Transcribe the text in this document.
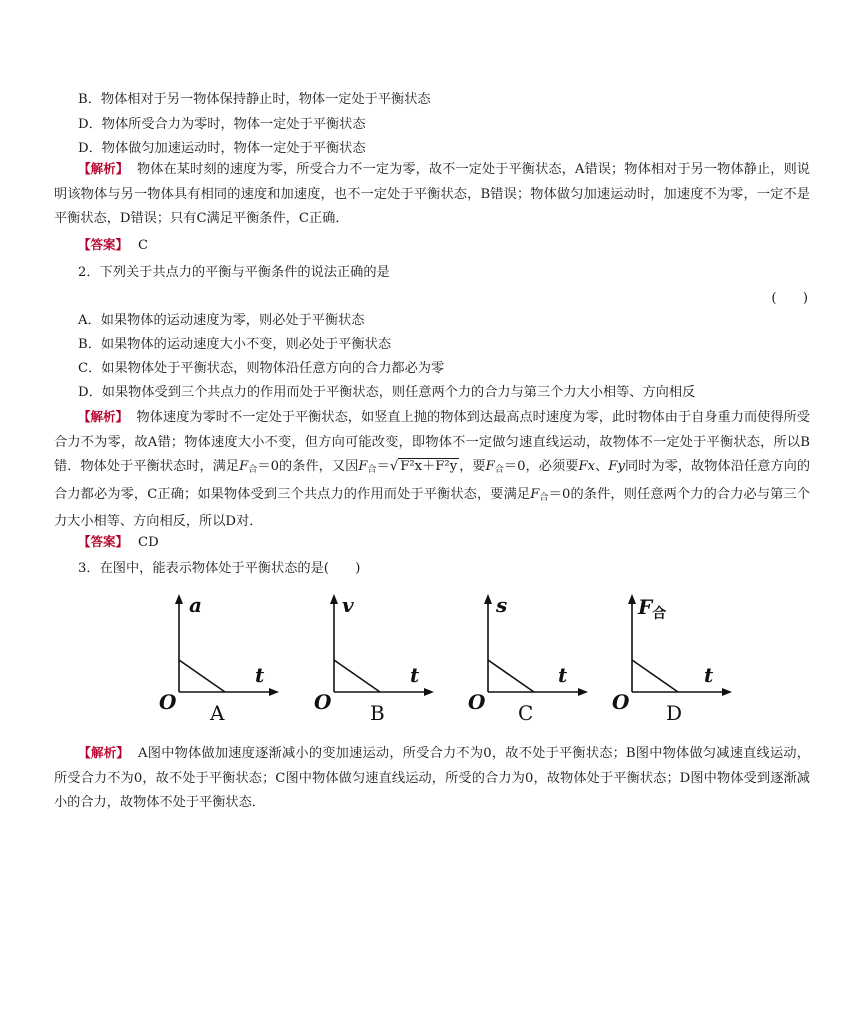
B．物体相对于另一物体保持静止时，物体一定处于平衡状态
D．物体所受合力为零时，物体一定处于平衡状态
D．物体做匀加速运动时，物体一定处于平衡状态
【解析】 物体在某时刻的速度为零，所受合力不一定为零，故不一定处于平衡状态，A错误；物体相对于另一物体静止，则说明该物体与另一物体具有相同的速度和加速度，也不一定处于平衡状态，B错误；物体做匀加速运动时，加速度不为零，一定不是平衡状态，D错误；只有C满足平衡条件，C正确．
【答案】 C
2．下列关于共点力的平衡与平衡条件的说法正确的是
(　　)
A．如果物体的运动速度为零，则必处于平衡状态
B．如果物体的运动速度大小不变，则必处于平衡状态
C．如果物体处于平衡状态，则物体沿任意方向的合力都必为零
D．如果物体受到三个共点力的作用而处于平衡状态，则任意两个力的合力与第三个力大小相等、方向相反
【解析】 物体速度为零时不一定处于平衡状态，如竖直上抛的物体到达最高点时速度为零，此时物体由于自身重力而使得所受合力不为零，故A错；物体速度大小不变，但方向可能改变，即物体不一定做匀速直线运动，故物体不一定处于平衡状态，所以B错．物体处于平衡状态时，满足$F_合=0$的条件，又因$F_合=√$ F²x＋F²y ，要$F_合=0$，必须要Fx、Fy同时为零，故物体沿任意方向的合力都必为零，C正确；如果物体受到三个共点力的作用而处于平衡状态，要满足$F_合=0$的条件，则任意两个力的合力必与第三个力大小相等、方向相反，所以D对．
【答案】 CD
3．在图中，能表示物体处于平衡状态的是(　　)
a
t
O A
v
t
O B
s
t
O C
$F_合$
t
O D
【解析】 A图中物体做加速度逐渐减小的变加速运动，所受合力不为0，故不处于平衡状态；B图中物体做匀减速直线运动，所受合力不为0，故不处于平衡状态；C图中物体做匀速直线运动，所受的合力为0，故物体处于平衡状态；D图中物体受到逐渐减小的合力，故物体不处于平衡状态．
